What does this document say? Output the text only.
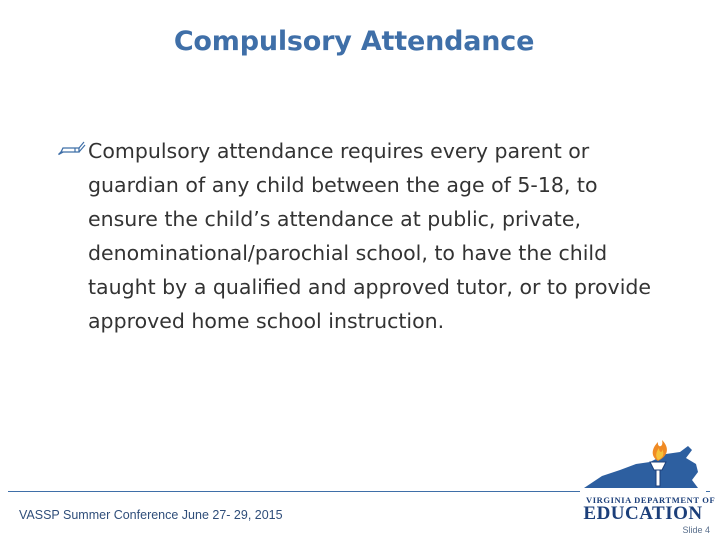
Compulsory Attendance
Compulsory attendance requires every parent or guardian of any child between the age of 5-18, to ensure the child’s attendance at public, private, denominational/parochial school, to have the child taught by a qualified and approved tutor, or to provide approved home school instruction.
VASSP Summer Conference June 27- 29, 2015
VIRGINIA DEPARTMENT OF
EDUCATION
Slide 4
